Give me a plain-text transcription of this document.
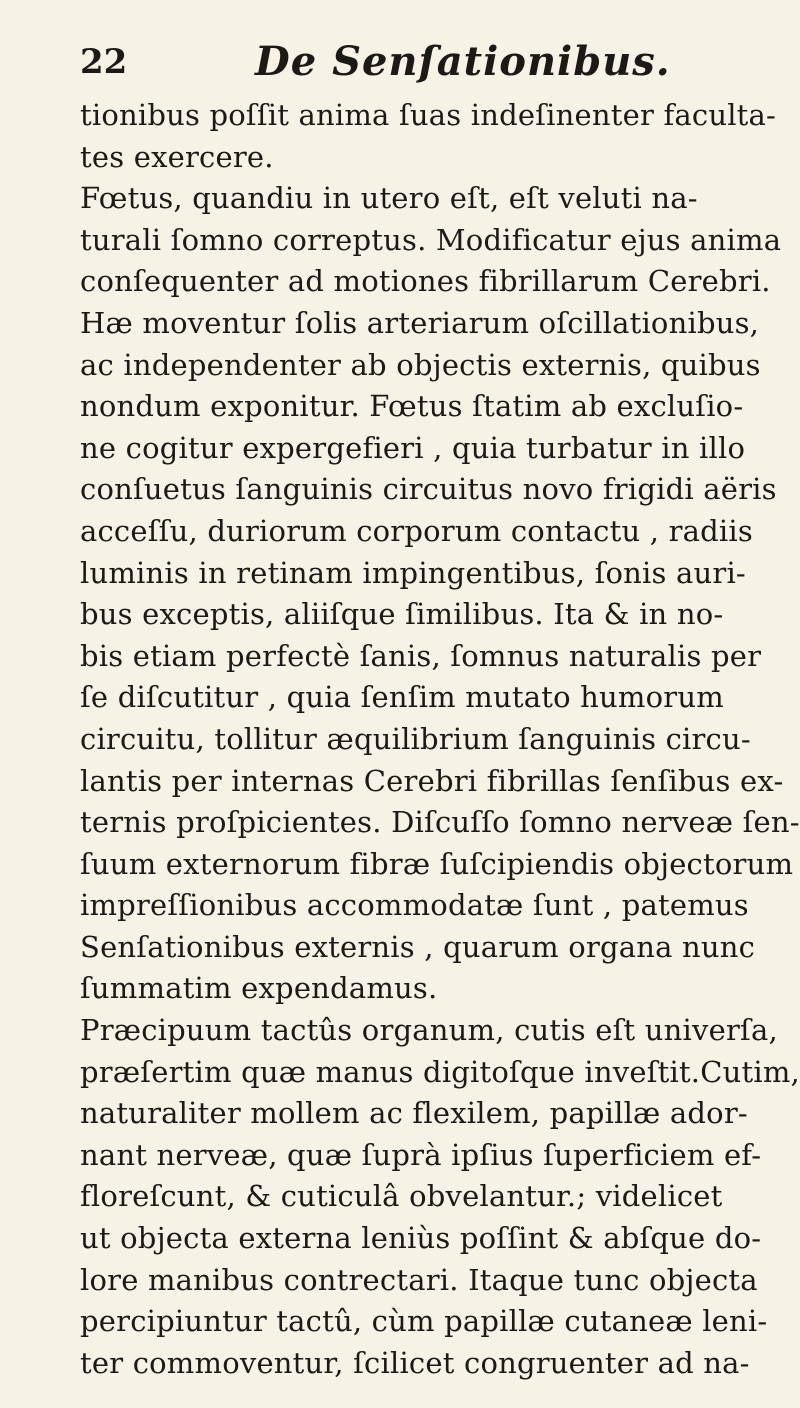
22	De Senſationibus.
tionibus poſſit anima ſuas indeſinenter faculta-
tes exercere.
Fœtus, quandiu in utero eſt, eſt veluti na-
turali ſomno correptus. Modificatur ejus anima
conſequenter ad motiones fibrillarum Cerebri.
Hæ moventur ſolis arteriarum oſcillationibus,
ac independenter ab objectis externis, quibus
nondum exponitur. Fœtus ſtatim ab excluſio-
ne cogitur expergefieri , quia turbatur in illo
conſuetus ſanguinis circuitus novo frigidi aëris
acceſſu, duriorum corporum contactu , radiis
luminis in retinam impingentibus, ſonis auri-
bus exceptis, aliiſque ſimilibus. Ita & in no-
bis etiam perfectè ſanis, ſomnus naturalis per
ſe diſcutitur , quia ſenſim mutato humorum
circuitu, tollitur æquilibrium ſanguinis circu-
lantis per internas Cerebri fibrillas ſenſibus ex-
ternis proſpicientes. Diſcuſſo ſomno nerveæ ſen-
ſuum externorum fibræ ſuſcipiendis objectorum
impreſſionibus accommodatæ ſunt , patemus
Senſationibus externis , quarum organa nunc
ſummatim expendamus.
Præcipuum tactûs organum, cutis eſt univerſa,
præſertim quæ manus digitoſque inveſtit.Cutim,
naturaliter mollem ac flexilem, papillæ ador-
nant nerveæ, quæ ſuprà ipſius ſuperficiem ef-
floreſcunt, & cuticulâ obvelantur.; videlicet
ut objecta externa leniùs poſſint & abſque do-
lore manibus contrectari. Itaque tunc objecta
percipiuntur tactû, cùm papillæ cutaneæ leni-
ter commoventur, ſcilicet congruenter ad na-
